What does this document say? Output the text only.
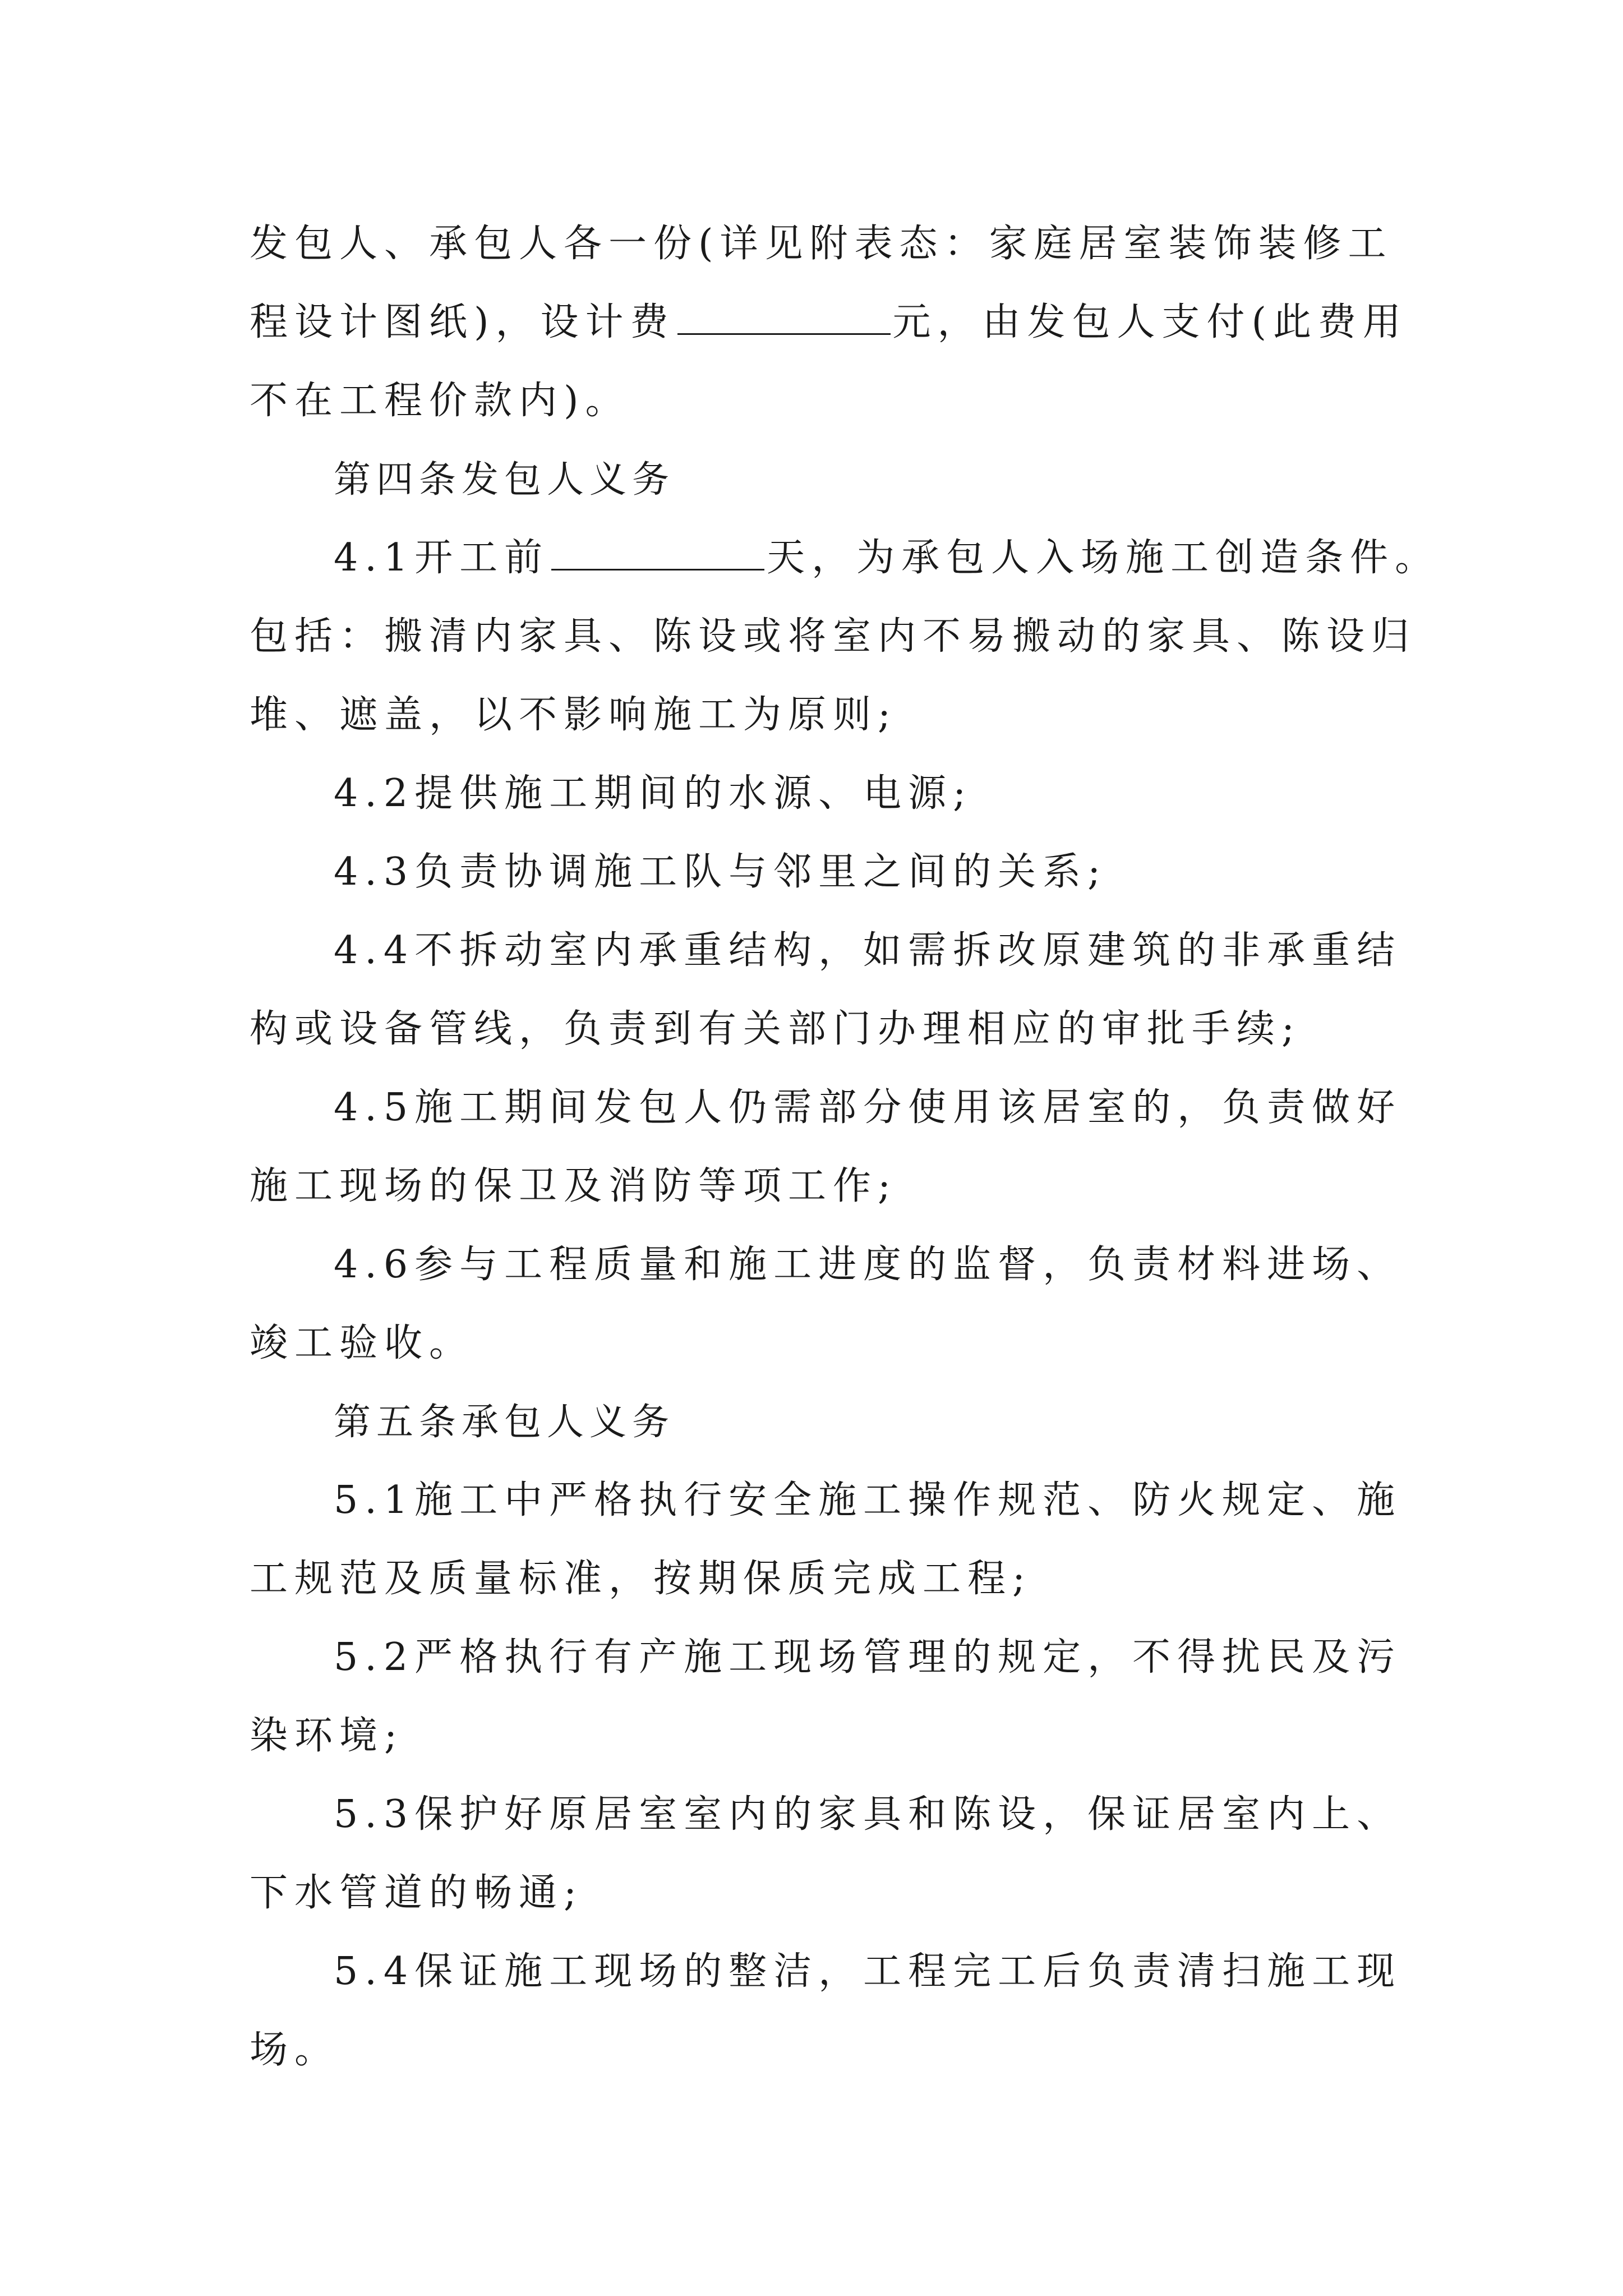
发包人、承包人各一份(详见附表态：家庭居室装饰装修工
程设计图纸)，设计费	元，由发包人支付(此费用
不在工程价款内)。
第四条发包人义务
4.1开工前	天，为承包人入场施工创造条件。
包括：搬清内家具、陈设或将室内不易搬动的家具、陈设归
堆、遮盖，以不影响施工为原则;
4.2提供施工期间的水源、电源;
4.3负责协调施工队与邻里之间的关系;
4.4不拆动室内承重结构，如需拆改原建筑的非承重结
构或设备管线，负责到有关部门办理相应的审批手续;
4.5施工期间发包人仍需部分使用该居室的，负责做好
施工现场的保卫及消防等项工作;
4.6参与工程质量和施工进度的监督，负责材料进场、
竣工验收。
第五条承包人义务
5.1施工中严格执行安全施工操作规范、防火规定、施
工规范及质量标准，按期保质完成工程;
5.2严格执行有产施工现场管理的规定，不得扰民及污
染环境;
5.3保护好原居室室内的家具和陈设，保证居室内上、
下水管道的畅通;
5.4保证施工现场的整洁，工程完工后负责清扫施工现
场。
